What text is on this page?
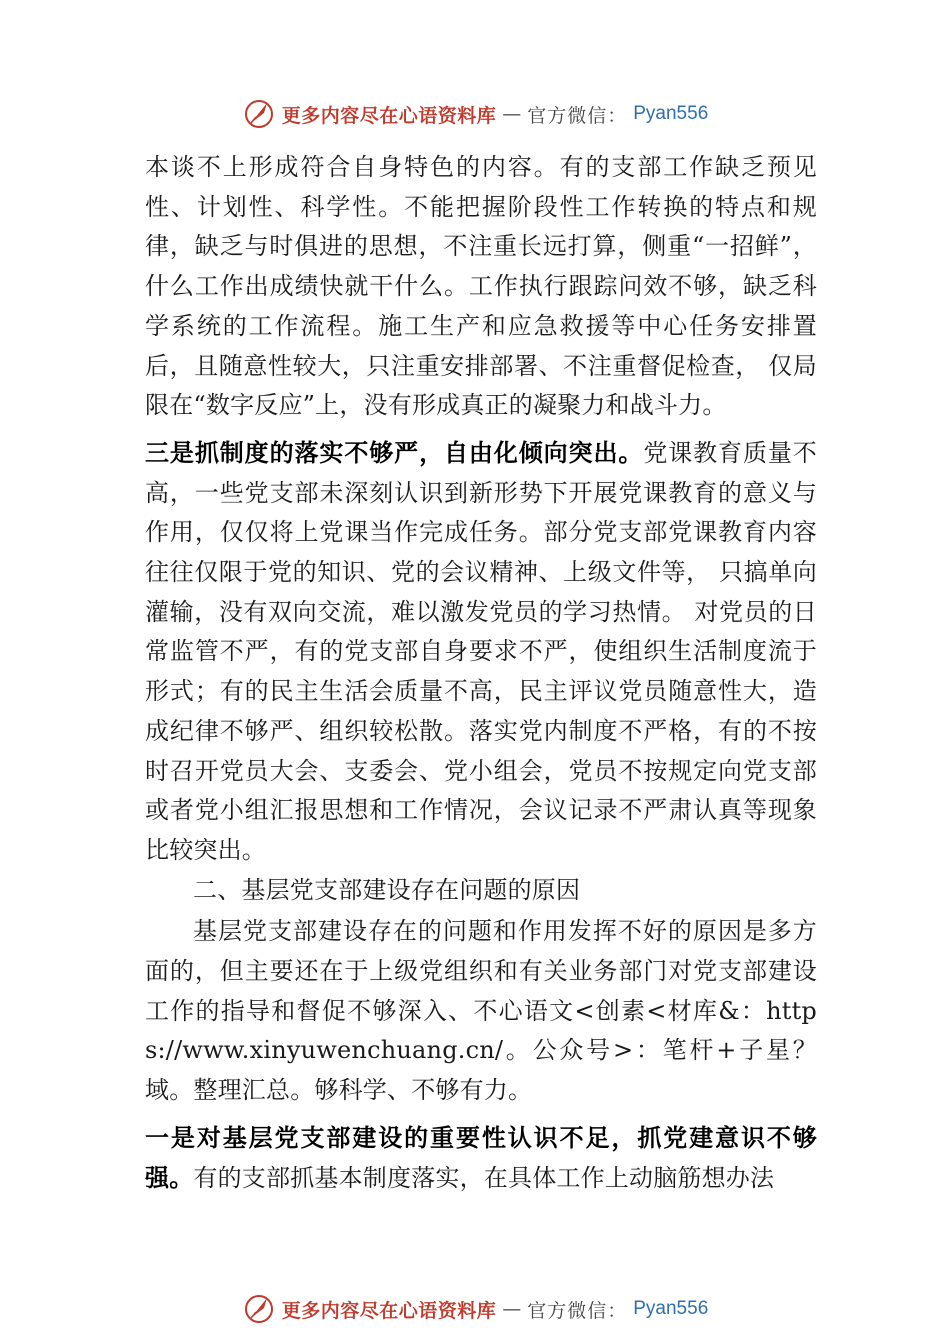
更多内容尽在心语资料库 — 官方微信： Pyan556

本谈不上形成符合自身特色的内容。有的支部工作缺乏预见性、计划性、科学性。不能把握阶段性工作转换的特点和规律，缺乏与时俱进的思想，不注重长远打算，侧重“一招鲜”，什么工作出成绩快就干什么。工作执行跟踪问效不够，缺乏科学系统的工作流程。施工生产和应急救援等中心任务安排置后，且随意性较大，只注重安排部署、不注重督促检查， 仅局限在“数字反应”上，没有形成真正的凝聚力和战斗力。

三是抓制度的落实不够严，自由化倾向突出。党课教育质量不高，一些党支部未深刻认识到新形势下开展党课教育的意义与作用，仅仅将上党课当作完成任务。部分党支部党课教育内容往往仅限于党的知识、党的会议精神、上级文件等， 只搞单向灌输，没有双向交流，难以激发党员的学习热情。 对党员的日常监管不严，有的党支部自身要求不严，使组织生活制度流于形式；有的民主生活会质量不高，民主评议党员随意性大，造成纪律不够严、组织较松散。落实党内制度不严格，有的不按时召开党员大会、支委会、党小组会，党员不按规定向党支部或者党小组汇报思想和工作情况，会议记录不严肃认真等现象比较突出。

二、基层党支部建设存在问题的原因

基层党支部建设存在的问题和作用发挥不好的原因是多方面的，但主要还在于上级党组织和有关业务部门对党支部建设工作的指导和督促不够深入、不心语文<创素<材库&：https://www.xinyuwenchuang.cn/。公众号>：笔杆+子星？域。整理汇总。够科学、不够有力。

一是对基层党支部建设的重要性认识不足，抓党建意识不够强。有的支部抓基本制度落实，在具体工作上动脑筋想办法

更多内容尽在心语资料库 — 官方微信： Pyan556
